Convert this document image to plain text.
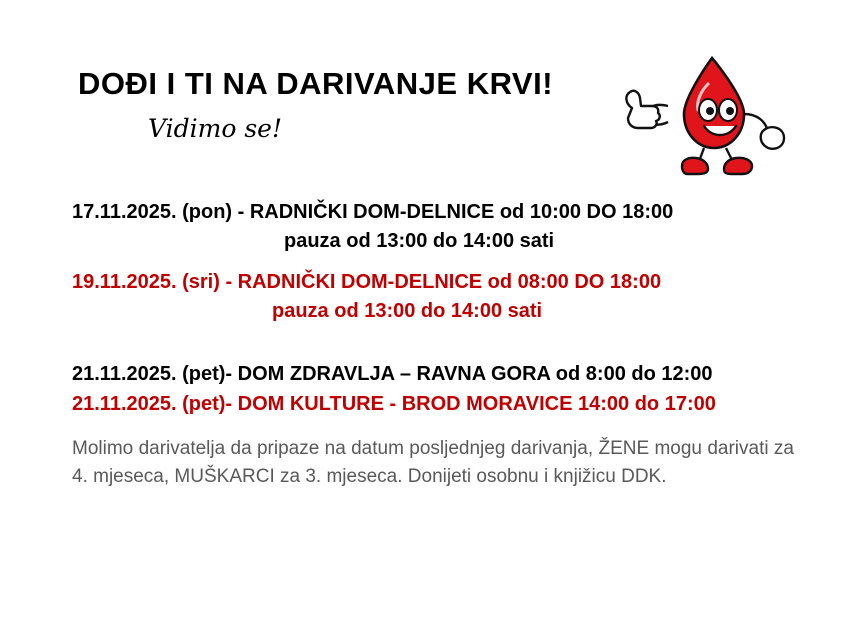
DOĐI I TI NA DARIVANJE KRVI!
Vidimo se!
17.11.2025. (pon) - RADNIČKI DOM-DELNICE od 10:00 DO 18:00
pauza od 13:00 do 14:00 sati
19.11.2025. (sri) - RADNIČKI DOM-DELNICE od 08:00 DO 18:00
pauza od 13:00 do 14:00 sati
21.11.2025. (pet)- DOM ZDRAVLJA – RAVNA GORA od 8:00 do 12:00
21.11.2025. (pet)- DOM KULTURE - BROD MORAVICE 14:00 do 17:00
Molimo darivatelja da pripaze na datum posljednjeg darivanja, ŽENE mogu darivati za 4. mjeseca, MUŠKARCI za 3. mjeseca. Donijeti osobnu i knjižicu DDK.
